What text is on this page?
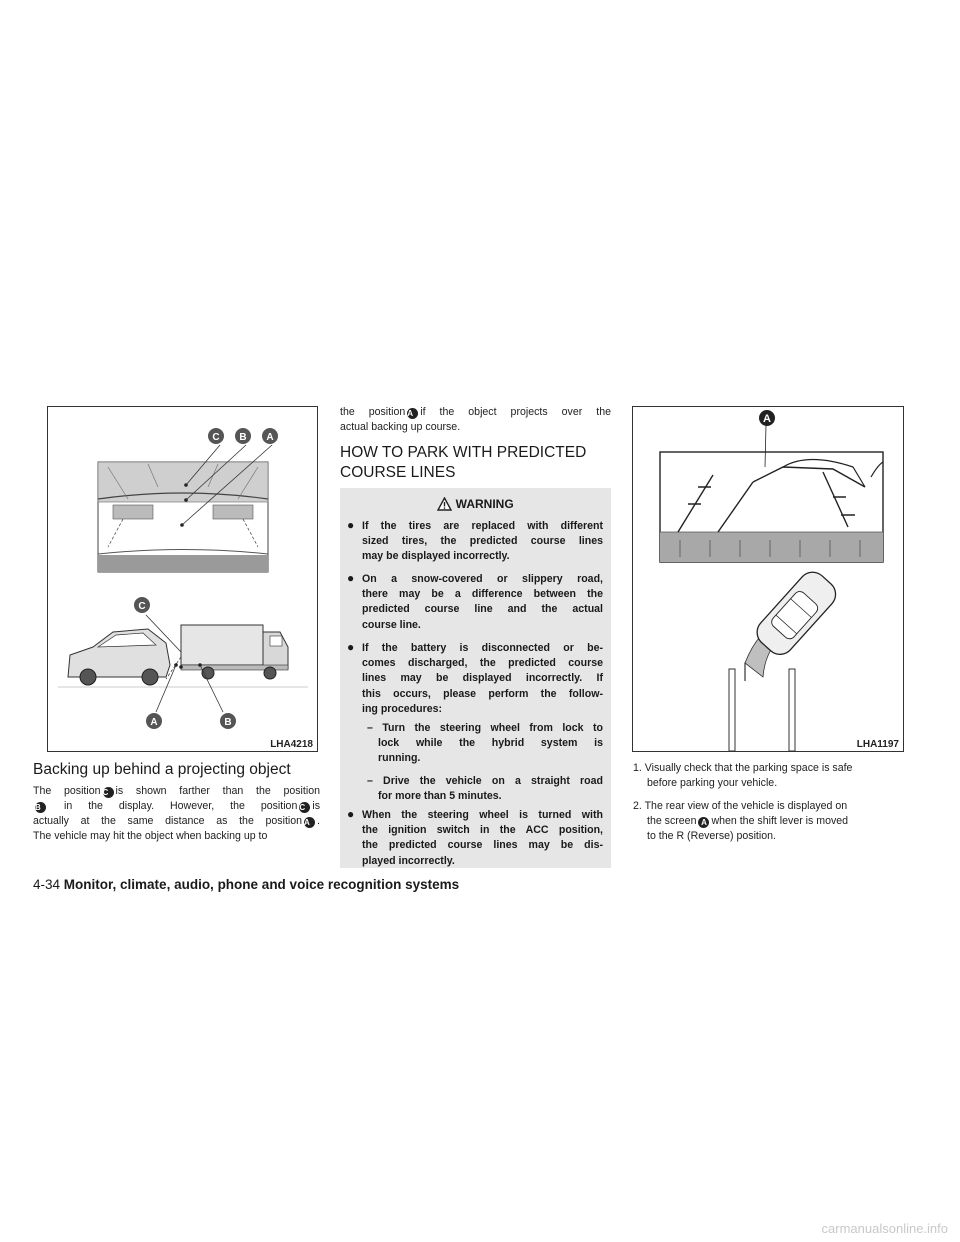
C B A
C
A	B
LHA4218
Backing up behind a projecting object
The position C is shown farther than the position
B in the display. However, the position C is
actually at the same distance as the position A .
The vehicle may hit the object when backing up to
the position A if the object projects over the
actual backing up course.
HOW TO PARK WITH PREDICTED
COURSE LINES
WARNING
● If the tires are replaced with different
sized tires, the predicted course lines
may be displayed incorrectly.
● On a snow-covered or slippery road,
there may be a difference between the
predicted course line and the actual
course line.
● If the battery is disconnected or be-
comes discharged, the predicted course
lines may be displayed incorrectly. If
this occurs, please perform the follow-
ing procedures:
– Turn the steering wheel from lock to
lock while the hybrid system is
running.
– Drive the vehicle on a straight road
for more than 5 minutes.
● When the steering wheel is turned with
the ignition switch in the ACC position,
the predicted course lines may be dis-
played incorrectly.
A
LHA1197
1. Visually check that the parking space is safe
before parking your vehicle.
2. The rear view of the vehicle is displayed on
the screen A when the shift lever is moved
to the R (Reverse) position.
4-34 Monitor, climate, audio, phone and voice recognition systems
carmanualsonline.info
